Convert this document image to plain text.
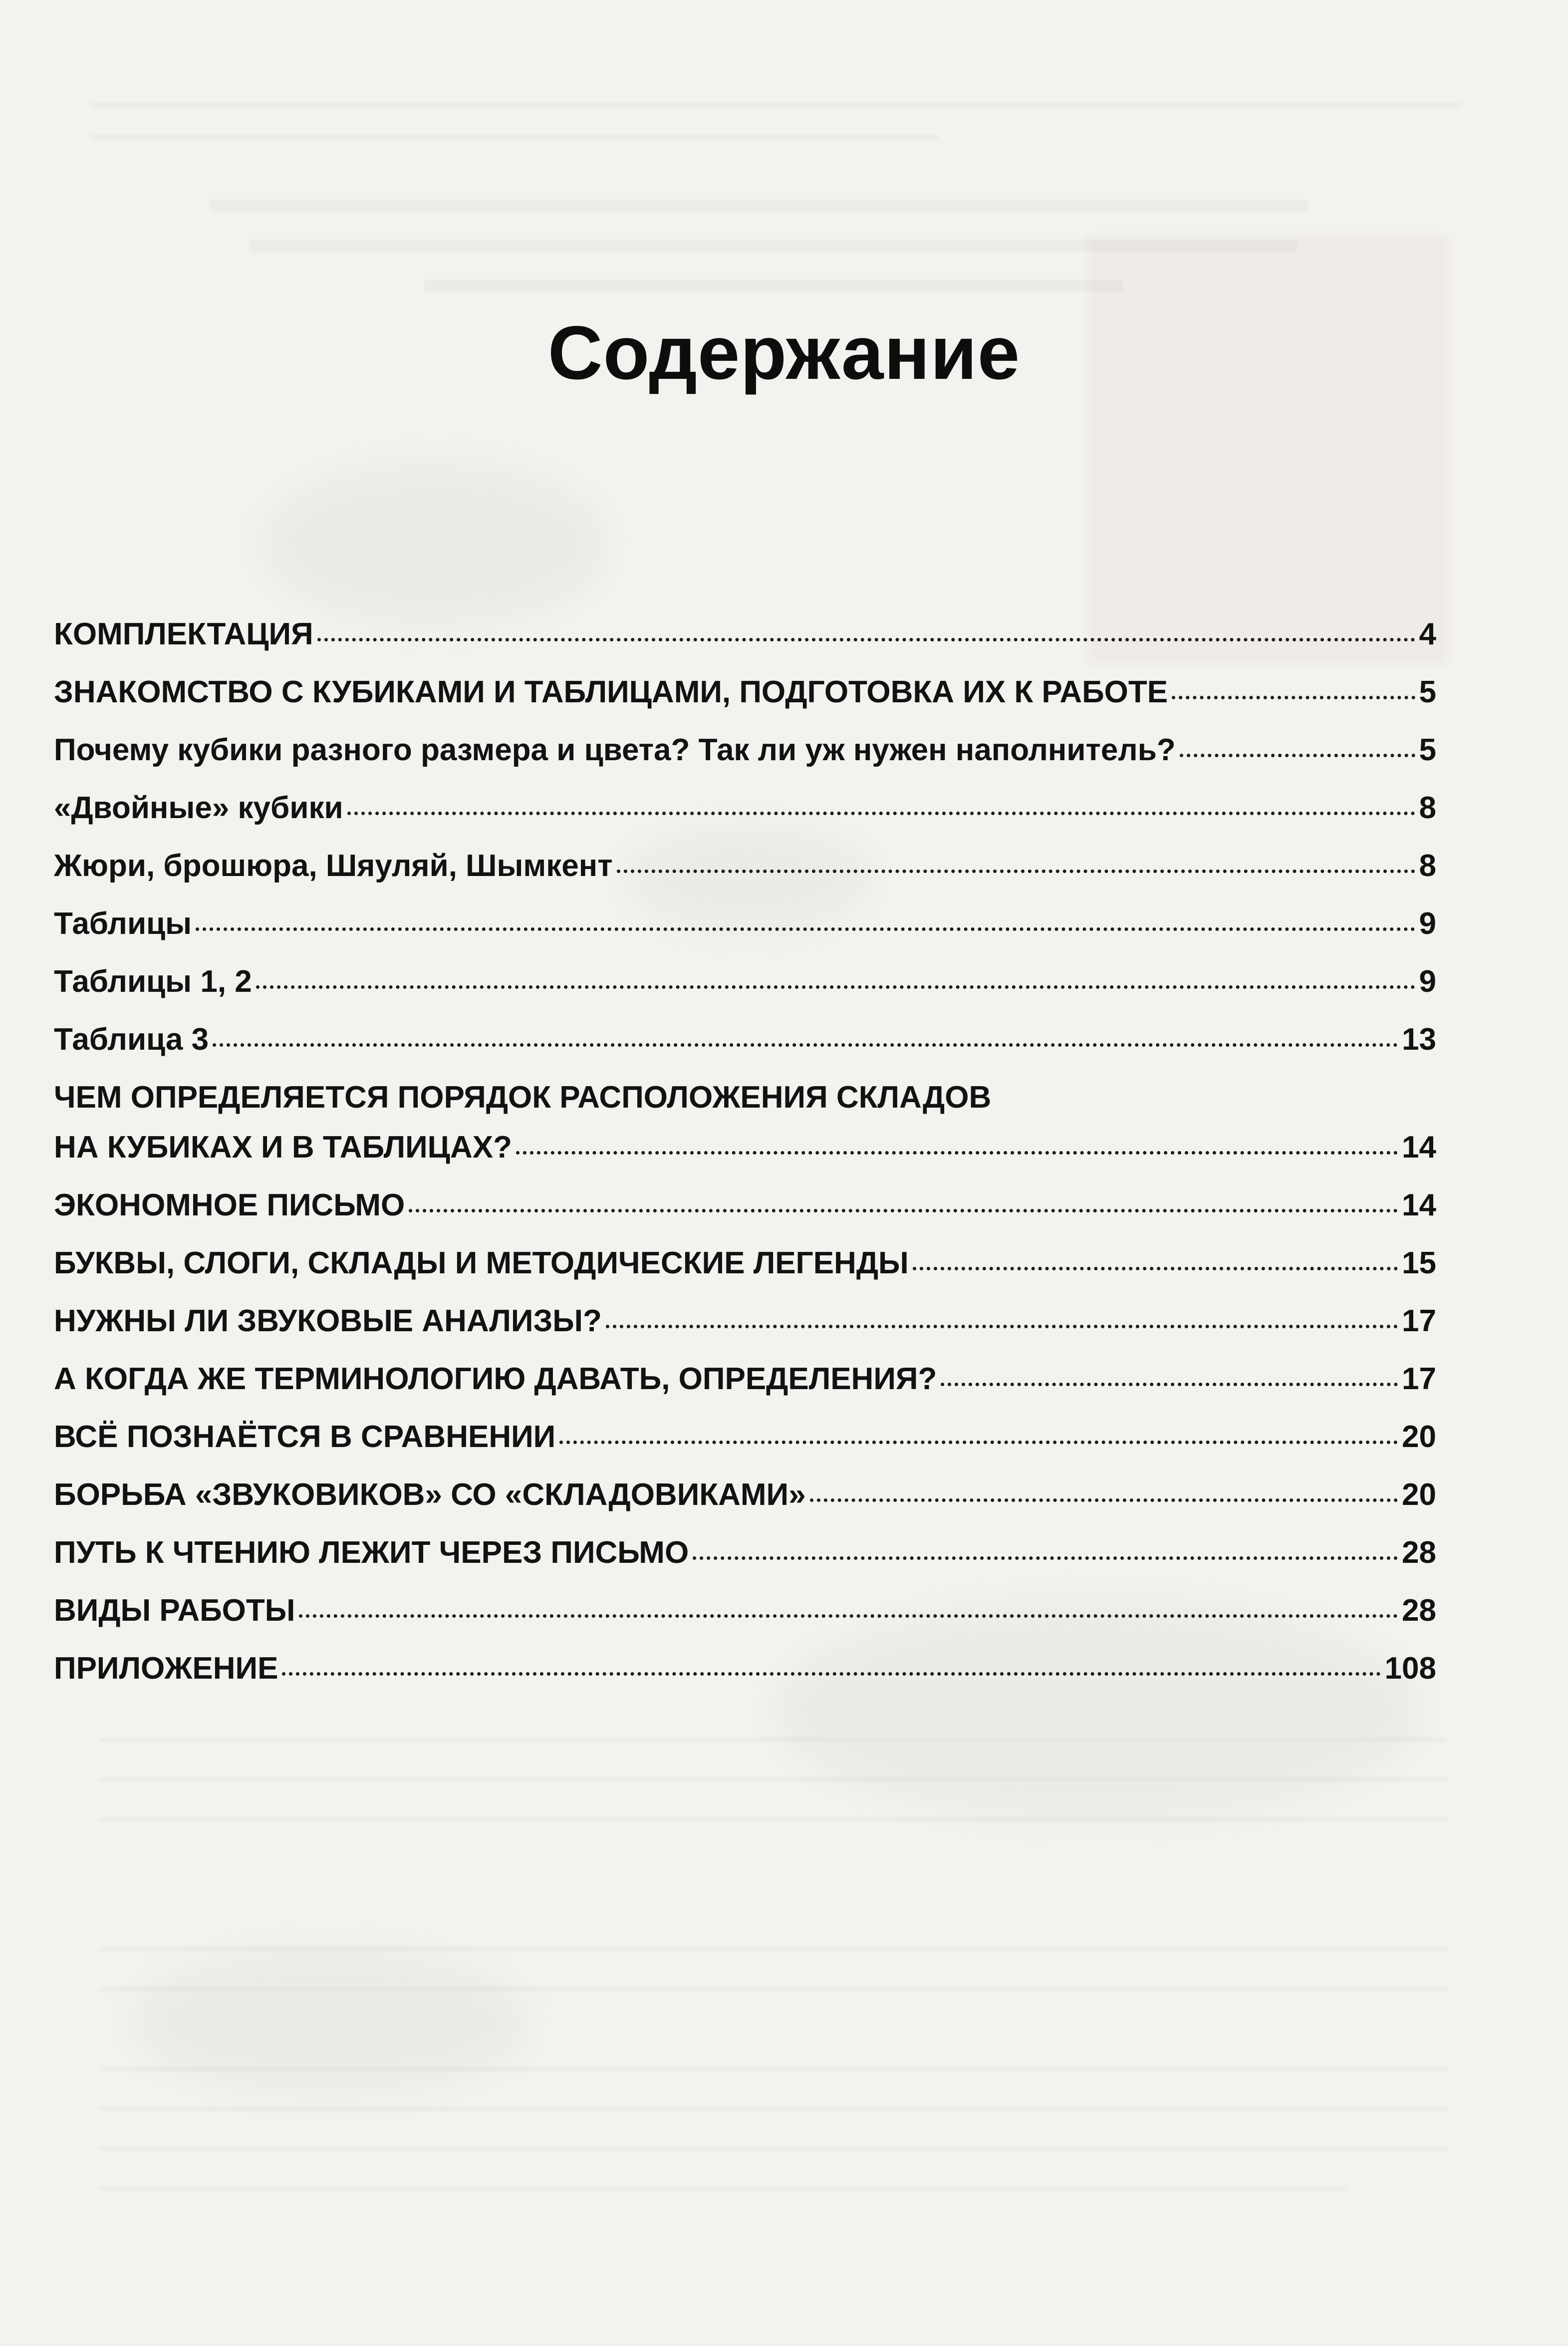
Содержание
КОМПЛЕКТАЦИЯ	4
ЗНАКОМСТВО С КУБИКАМИ И ТАБЛИЦАМИ, ПОДГОТОВКА ИХ К РАБОТЕ	5
Почему кубики разного размера и цвета? Так ли уж нужен наполнитель?	5
«Двойные» кубики	8
Жюри, брошюра, Шяуляй, Шымкент	8
Таблицы	9
Таблицы 1, 2	9
Таблица 3	13
ЧЕМ ОПРЕДЕЛЯЕТСЯ ПОРЯДОК РАСПОЛОЖЕНИЯ СКЛАДОВ
НА КУБИКАХ И В ТАБЛИЦАХ?	14
ЭКОНОМНОЕ ПИСЬМО	14
БУКВЫ, СЛОГИ, СКЛАДЫ И МЕТОДИЧЕСКИЕ ЛЕГЕНДЫ	15
НУЖНЫ ЛИ ЗВУКОВЫЕ АНАЛИЗЫ?	17
А КОГДА ЖЕ ТЕРМИНОЛОГИЮ ДАВАТЬ, ОПРЕДЕЛЕНИЯ?	17
ВСЁ ПОЗНАЁТСЯ В СРАВНЕНИИ	20
БОРЬБА «ЗВУКОВИКОВ» СО «СКЛАДОВИКАМИ»	20
ПУТЬ К ЧТЕНИЮ ЛЕЖИТ ЧЕРЕЗ ПИСЬМО	28
ВИДЫ РАБОТЫ	28
ПРИЛОЖЕНИЕ	108
